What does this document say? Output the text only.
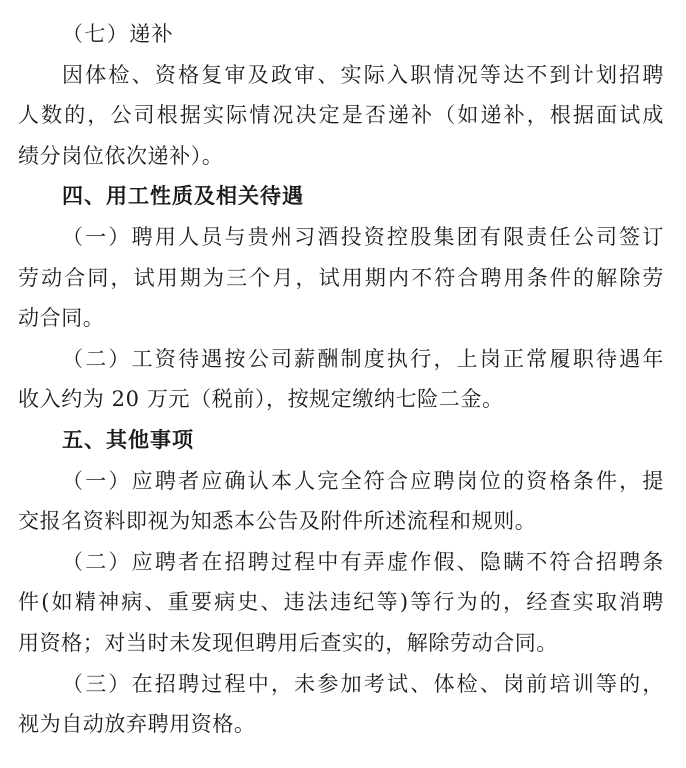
（七）递补
因体检、资格复审及政审、实际入职情况等达不到计划招聘
人数的，公司根据实际情况决定是否递补（如递补，根据面试成
绩分岗位依次递补）。
四、用工性质及相关待遇
（一）聘用人员与贵州习酒投资控股集团有限责任公司签订
劳动合同，试用期为三个月，试用期内不符合聘用条件的解除劳
动合同。
（二）工资待遇按公司薪酬制度执行，上岗正常履职待遇年
收入约为 20 万元（税前），按规定缴纳七险二金。
五、其他事项
（一）应聘者应确认本人完全符合应聘岗位的资格条件，提
交报名资料即视为知悉本公告及附件所述流程和规则。
（二）应聘者在招聘过程中有弄虚作假、隐瞒不符合招聘条
件(如精神病、重要病史、违法违纪等)等行为的，经查实取消聘
用资格；对当时未发现但聘用后查实的，解除劳动合同。
（三）在招聘过程中，未参加考试、体检、岗前培训等的，
视为自动放弃聘用资格。
